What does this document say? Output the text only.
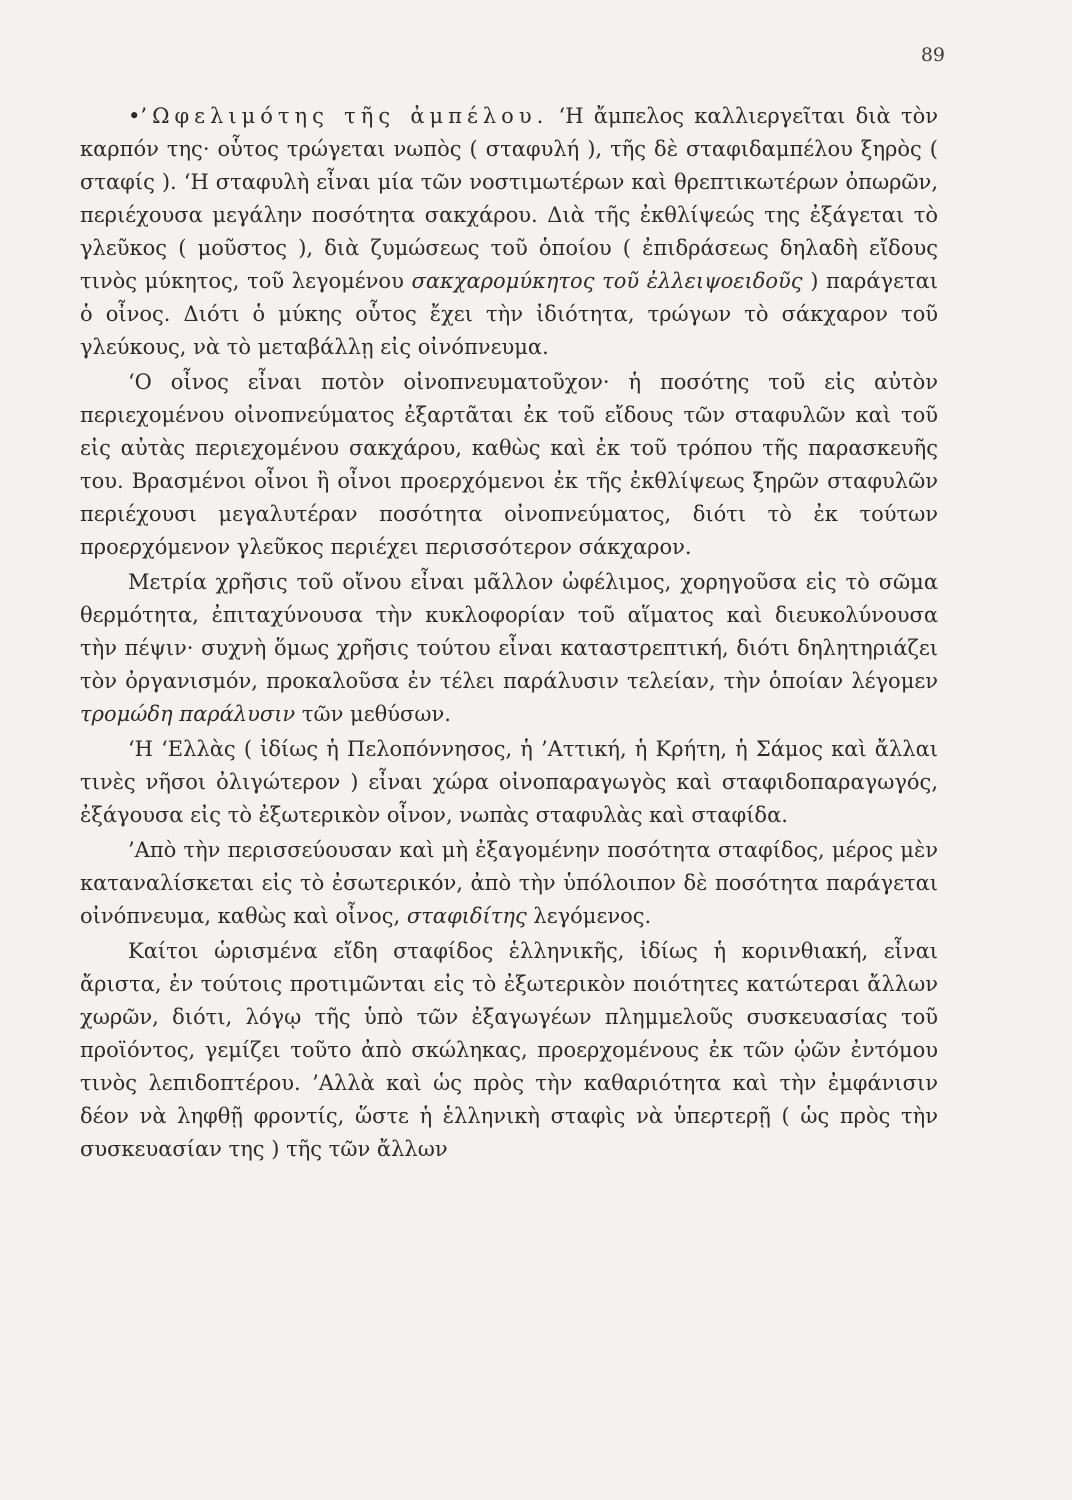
89

•’Ωφελιμότης τῆς ἀμπέλου. ‘Η ἄμπελος καλλιεργεῖται διὰ τὸν καρπόν της· οὗτος τρώγεται νωπὸς ( σταφυλή ), τῆς δὲ σταφιδαμπέλου ξηρὸς ( σταφίς ). ‘Η σταφυλὴ εἶναι μία τῶν νοστιμωτέρων καὶ θρεπτικωτέρων ὀπωρῶν, περιέχουσα μεγάλην ποσότητα σακχάρου. Διὰ τῆς ἐκθλίψεώς της ἐξάγεται τὸ γλεῦκος ( μοῦστος ), διὰ ζυμώσεως τοῦ ὁποίου ( ἐπιδράσεως δηλαδὴ εἴδους τινὸς μύκητος, τοῦ λεγομένου σακχαρομύκητος τοῦ ἐλλειψοειδοῦς ) παράγεται ὁ οἶνος. Διότι ὁ μύκης οὗτος ἔχει τὴν ἰδιότητα, τρώγων τὸ σάκχαρον τοῦ γλεύκους, νὰ τὸ μεταβάλλῃ εἰς οἰνόπνευμα.

‘Ο οἶνος εἶναι ποτὸν οἰνοπνευματοῦχον· ἡ ποσότης τοῦ εἰς αὐτὸν περιεχομένου οἰνοπνεύματος ἐξαρτᾶται ἐκ τοῦ εἴδους τῶν σταφυλῶν καὶ τοῦ εἰς αὐτὰς περιεχομένου σακχάρου, καθὼς καὶ ἐκ τοῦ τρόπου τῆς παρασκευῆς του. Βρασμένοι οἶνοι ἢ οἶνοι προερχόμενοι ἐκ τῆς ἐκθλίψεως ξηρῶν σταφυλῶν περιέχουσι μεγαλυτέραν ποσότητα οἰνοπνεύματος, διότι τὸ ἐκ τούτων προερχόμενον γλεῦκος περιέχει περισσότερον σάκχαρον.

Μετρία χρῆσις τοῦ οἴνου εἶναι μᾶλλον ὠφέλιμος, χορηγοῦσα εἰς τὸ σῶμα θερμότητα, ἐπιταχύνουσα τὴν κυκλοφορίαν τοῦ αἵματος καὶ διευκολύνουσα τὴν πέψιν· συχνὴ ὅμως χρῆσις τούτου εἶναι καταστρεπτική, διότι δηλητηριάζει τὸν ὀργανισμόν, προκαλοῦσα ἐν τέλει παράλυσιν τελείαν, τὴν ὁποίαν λέγομεν τρομώδη παράλυσιν τῶν μεθύσων.

‘Η ‘Ελλὰς ( ἰδίως ἡ Πελοπόννησος, ἡ ’Αττική, ἡ Κρήτη, ἡ Σάμος καὶ ἄλλαι τινὲς νῆσοι ὀλιγώτερον ) εἶναι χώρα οἰνοπαραγωγὸς καὶ σταφιδοπαραγωγός, ἐξάγουσα εἰς τὸ ἐξωτερικὸν οἶνον, νωπὰς σταφυλὰς καὶ σταφίδα.

’Απὸ τὴν περισσεύουσαν καὶ μὴ ἐξαγομένην ποσότητα σταφίδος, μέρος μὲν καταναλίσκεται εἰς τὸ ἐσωτερικόν, ἀπὸ τὴν ὑπόλοιπον δὲ ποσότητα παράγεται οἰνόπνευμα, καθὼς καὶ οἶνος, σταφιδίτης λεγόμενος.

Καίτοι ὡρισμένα εἴδη σταφίδος ἑλληνικῆς, ἰδίως ἡ κορινθιακή, εἶναι ἄριστα, ἐν τούτοις προτιμῶνται εἰς τὸ ἐξωτερικὸν ποιότητες κατώτεραι ἄλλων χωρῶν, διότι, λόγῳ τῆς ὑπὸ τῶν ἐξαγωγέων πλημμελοῦς συσκευασίας τοῦ προϊόντος, γεμίζει τοῦτο ἀπὸ σκώληκας, προερχομένους ἐκ τῶν ᾠῶν ἐντόμου τινὸς λεπιδοπτέρου. ’Αλλὰ καὶ ὡς πρὸς τὴν καθαριότητα καὶ τὴν ἐμφάνισιν δέον νὰ ληφθῇ φροντίς, ὥστε ἡ ἑλληνικὴ σταφὶς νὰ ὑπερτερῇ ( ὡς πρὸς τὴν συσκευασίαν της ) τῆς τῶν ἄλλων
